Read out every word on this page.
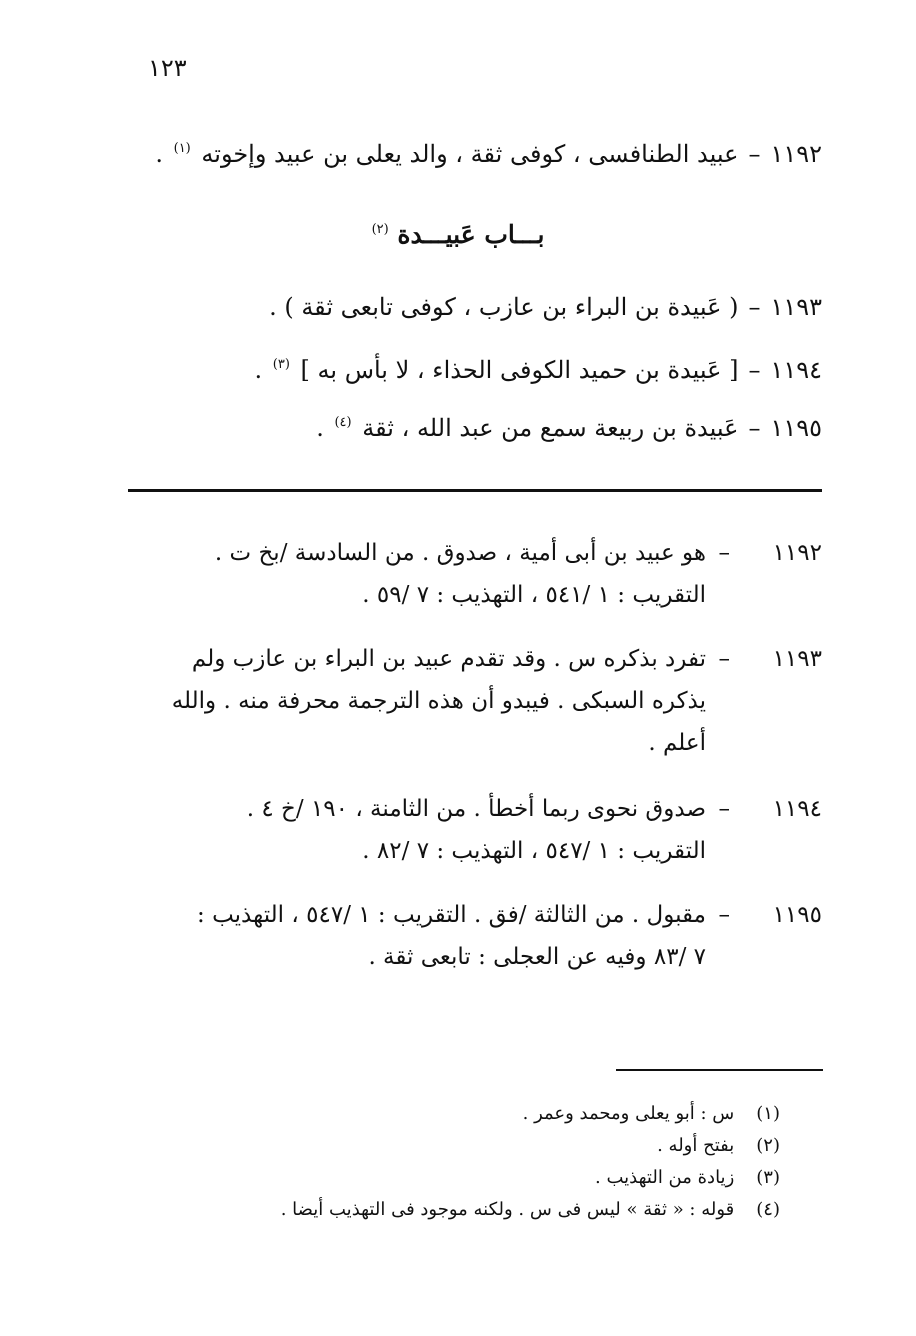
١٢٣
١١٩٢–عبيد الطنافسى ، كوفى ثقة ، والد يعلى بن عبيد وإخوته $^{(١)}$ .
١١٩٣–( عَبيدة بن البراء بن عازب ، كوفى تابعى ثقة ) .
١١٩٤–[ عَبيدة بن حميد الكوفى الحذاء ، لا بأس به ] $^{(٣)}$ .
١١٩٥–عَبيدة بن ربيعة سمع من عبد الله ، ثقة $^{(٤)}$ .
بـــاب عَبيـــدة $^{(٢)}$
١١٩٢–هو عبيد بن أبى أمية ، صدوق . من السادسة /بخ ت .
التقريب : ١ /٥٤١ ، التهذيب : ٧ /٥٩ .
١١٩٣–تفرد بذكره س . وقد تقدم عبيد بن البراء بن عازب ولم
يذكره السبكى . فيبدو أن هذه الترجمة محرفة منه . والله
أعلم .
١١٩٤–صدوق نحوى ربما أخطأ . من الثامنة ، ١٩٠ /خ ٤ .
التقريب : ١ /٥٤٧ ، التهذيب : ٧ /٨٢ .
١١٩٥–مقبول . من الثالثة /فق . التقريب : ١ /٥٤٧ ، التهذيب :
٧ /٨٣ وفيه عن العجلى : تابعى ثقة .
(١) س : أبو يعلى ومحمد وعمر .
(٢) بفتح أوله .
(٣) زيادة من التهذيب .
(٤) قوله : « ثقة » ليس فى س . ولكنه موجود فى التهذيب أيضا .
